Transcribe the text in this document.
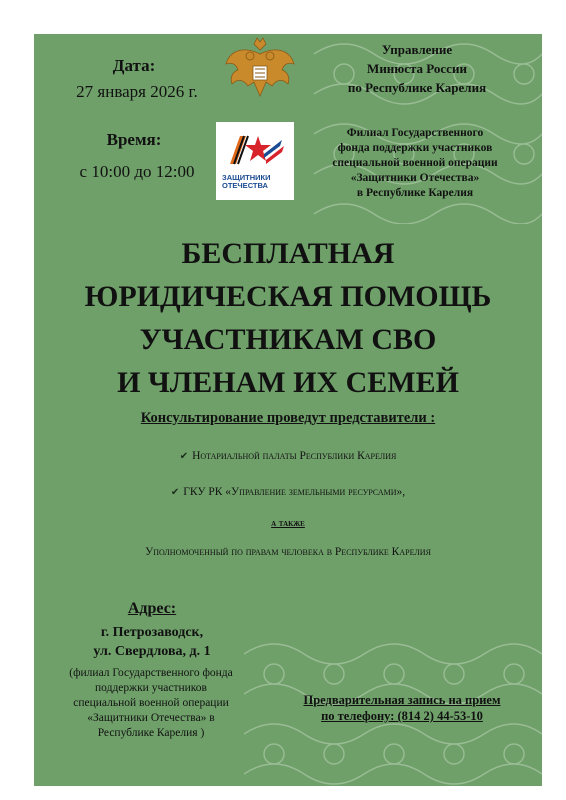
Дата:
27 января 2026 г.
Время:
с 10:00 до 12:00
Управление
Минюста России
по Республике Карелия
ЗАЩИТНИКИ
ОТЕЧЕСТВА
Филиал Государственного
фонда поддержки участников
специальной военной операции
«Защитники Отечества»
в Республике Карелия
БЕСПЛАТНАЯ
ЮРИДИЧЕСКАЯ ПОМОЩЬ
УЧАСТНИКАМ СВО
И ЧЛЕНАМ ИХ СЕМЕЙ
Консультирование проведут представители :
✔ Нотариальной палаты Республики Карелия
✔ ГКУ РК «Управление земельными ресурсами»,
а также
Уполномоченный по правам человека в Республике Карелия
Адрес:
г. Петрозаводск,
ул. Свердлова, д. 1
(филиал Государственного фонда
поддержки участников
специальной военной операции
«Защитники Отечества» в
Республике Карелия )
Предварительная запись на прием
по телефону: (814 2) 44-53-10
